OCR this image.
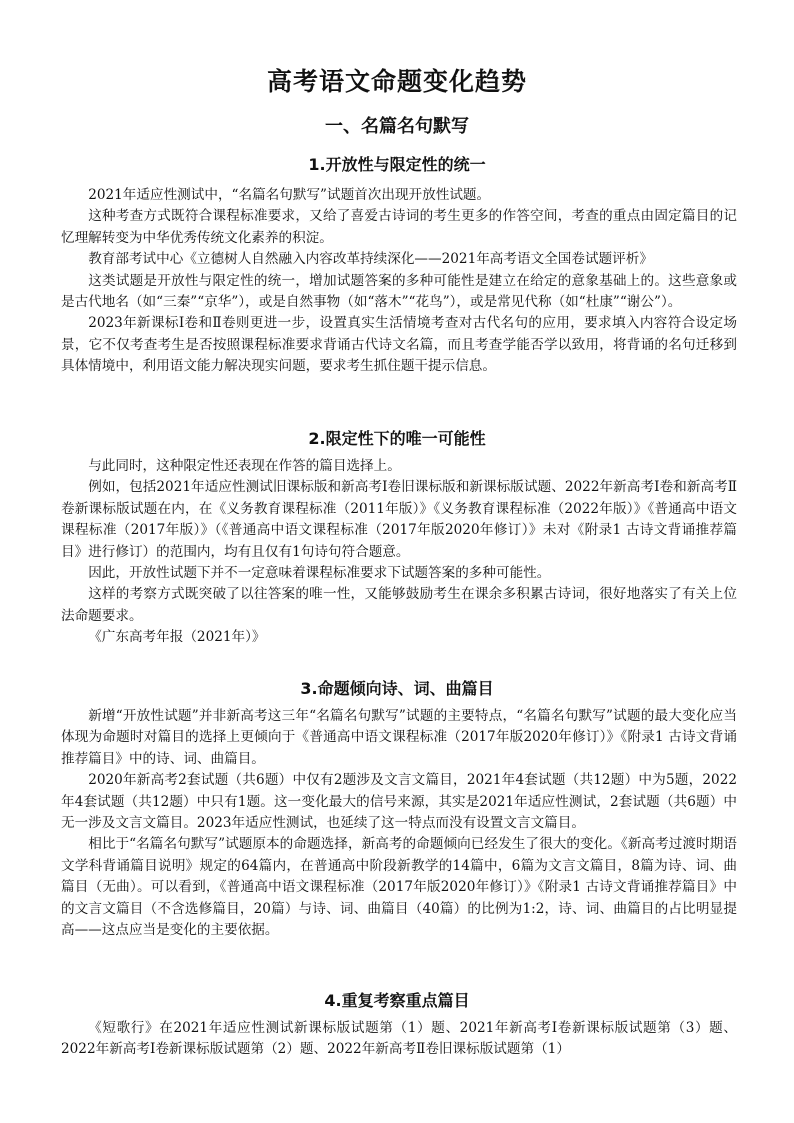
高考语文命题变化趋势
一、名篇名句默写
1.开放性与限定性的统一

2021年适应性测试中，“名篇名句默写”试题首次出现开放性试题。

这种考查方式既符合课程标准要求，又给了喜爱古诗词的考生更多的作答空间，考查的重点由固定篇目的记忆理解转变为中华优秀传统文化素养的积淀。

教育部考试中心《立德树人自然融入内容改革持续深化——2021年高考语文全国卷试题评析》

这类试题是开放性与限定性的统一，增加试题答案的多种可能性是建立在给定的意象基础上的。这些意象或是古代地名（如“三秦”“京华”），或是自然事物（如“落木”“花鸟”），或是常见代称（如“杜康”“谢公”）。

2023年新课标Ⅰ卷和Ⅱ卷则更进一步，设置真实生活情境考查对古代名句的应用，要求填入内容符合设定场景，它不仅考查考生是否按照课程标准要求背诵古代诗文名篇，而且考查学能否学以致用，将背诵的名句迁移到具体情境中，利用语文能力解决现实问题，要求考生抓住题干提示信息。

2.限定性下的唯一可能性

与此同时，这种限定性还表现在作答的篇目选择上。

例如，包括2021年适应性测试旧课标版和新高考Ⅰ卷旧课标版和新课标版试题、2022年新高考Ⅰ卷和新高考Ⅱ卷新课标版试题在内，在《义务教育课程标准（2011年版）》《义务教育课程标准（2022年版）》《普通高中语文课程标准（2017年版）》（《普通高中语文课程标准（2017年版2020年修订）》未对《附录1 古诗文背诵推荐篇目》进行修订）的范围内，均有且仅有1句诗句符合题意。

因此，开放性试题下并不一定意味着课程标准要求下试题答案的多种可能性。

这样的考察方式既突破了以往答案的唯一性，又能够鼓励考生在课余多积累古诗词，很好地落实了有关上位法命题要求。

《广东高考年报（2021年）》

3.命题倾向诗、词、曲篇目

新增“开放性试题”并非新高考这三年“名篇名句默写”试题的主要特点，“名篇名句默写”试题的最大变化应当体现为命题时对篇目的选择上更倾向于《普通高中语文课程标准（2017年版2020年修订）》《附录1 古诗文背诵推荐篇目》中的诗、词、曲篇目。

2020年新高考2套试题（共6题）中仅有2题涉及文言文篇目，2021年4套试题（共12题）中为5题，2022年4套试题（共12题）中只有1题。这一变化最大的信号来源，其实是2021年适应性测试，2套试题（共6题）中无一涉及文言文篇目。2023年适应性测试，也延续了这一特点而没有设置文言文篇目。

相比于“名篇名句默写”试题原本的命题选择，新高考的命题倾向已经发生了很大的变化。《新高考过渡时期语文学科背诵篇目说明》规定的64篇内，在普通高中阶段新教学的14篇中，6篇为文言文篇目，8篇为诗、词、曲篇目（无曲）。可以看到，《普通高中语文课程标准（2017年版2020年修订）》《附录1 古诗文背诵推荐篇目》中的文言文篇目（不含选修篇目，20篇）与诗、词、曲篇目（40篇）的比例为1:2，诗、词、曲篇目的占比明显提高——这点应当是变化的主要依据。

4.重复考察重点篇目

《短歌行》在2021年适应性测试新课标版试题第（1）题、2021年新高考Ⅰ卷新课标版试题第（3）题、2022年新高考Ⅰ卷新课标版试题第（2）题、2022年新高考Ⅱ卷旧课标版试题第（1）
